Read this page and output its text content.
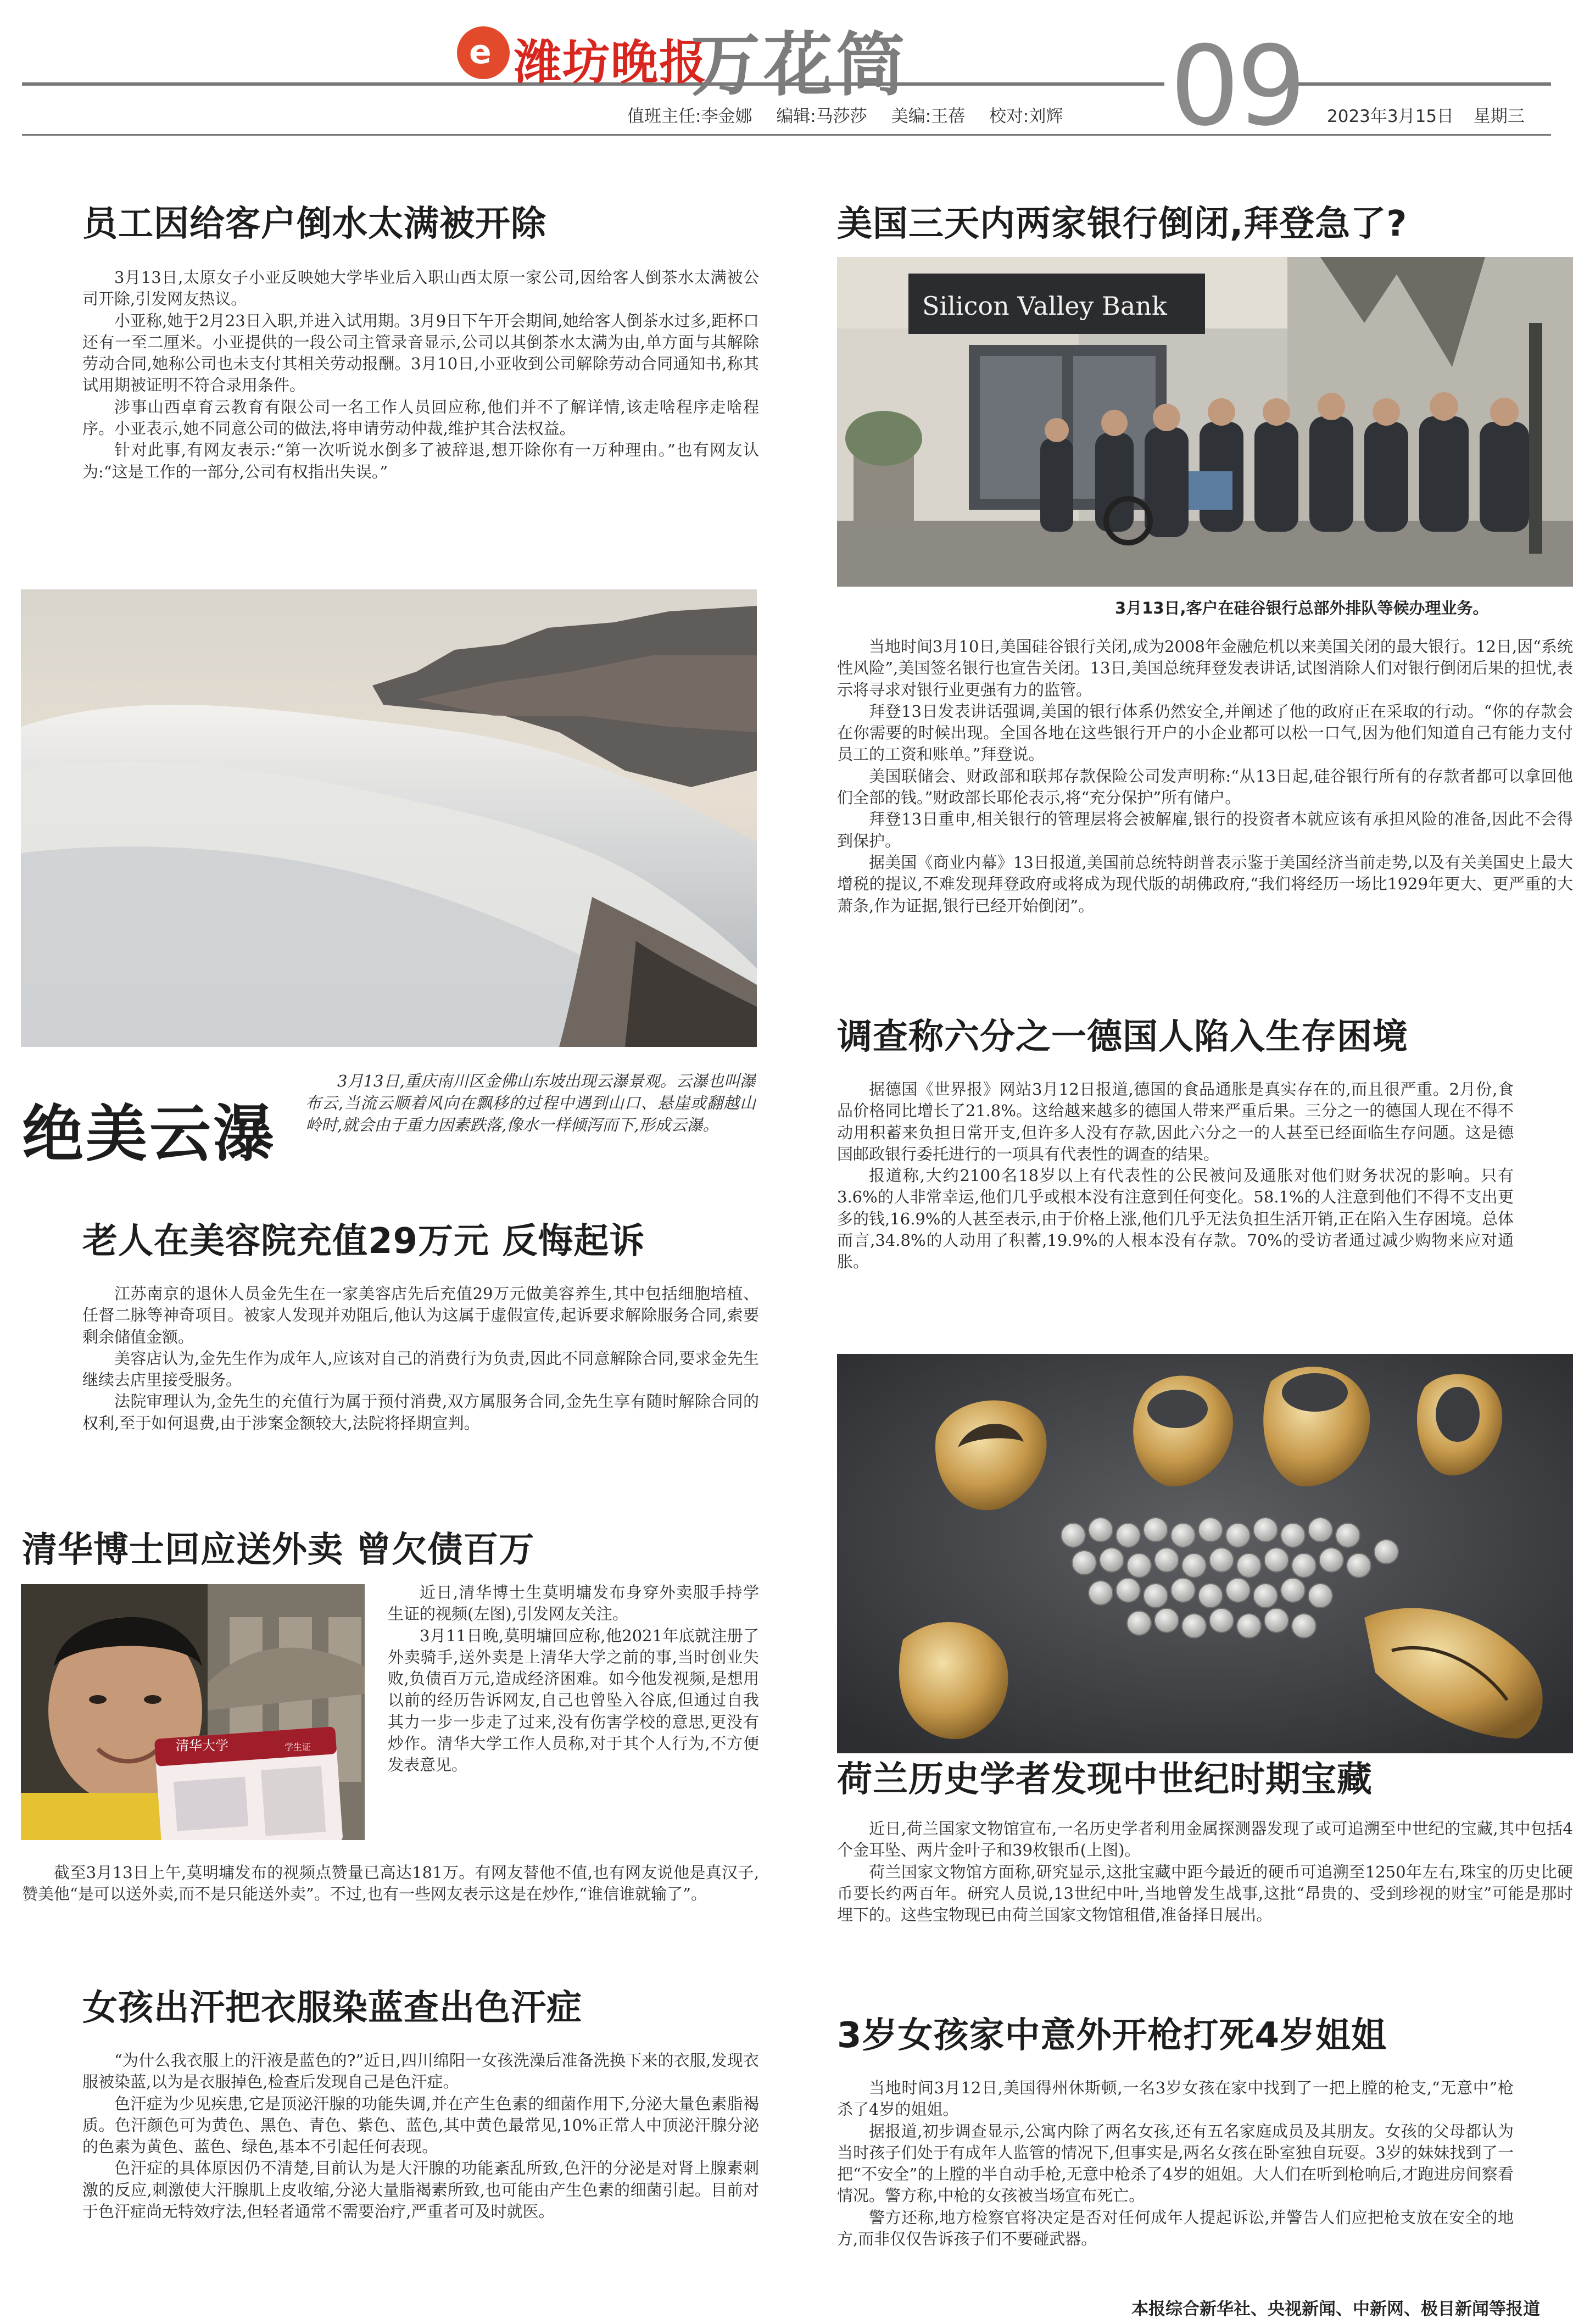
e 潍坊晚报
万花筒 09
值班主任:李金娜 编辑:马莎莎 美编:王蓓 校对:刘辉	2023年3月15日 星期三
员工因给客户倒水太满被开除

3月13日,太原女子小亚反映她大学毕业后入职山西太原一家公司,因给客人倒茶水太满被公司开除,引发网友热议。

小亚称,她于2月23日入职,并进入试用期。3月9日下午开会期间,她给客人倒茶水过多,距杯口还有一至二厘米。小亚提供的一段公司主管录音显示,公司以其倒茶水太满为由,单方面与其解除劳动合同,她称公司也未支付其相关劳动报酬。3月10日,小亚收到公司解除劳动合同通知书,称其试用期被证明不符合录用条件。

涉事山西卓育云教育有限公司一名工作人员回应称,他们并不了解详情,该走啥程序走啥程序。小亚表示,她不同意公司的做法,将申请劳动仲裁,维护其合法权益。

针对此事,有网友表示:“第一次听说水倒多了被辞退,想开除你有一万种理由。”也有网友认为:“这是工作的一部分,公司有权指出失误。”

绝美云瀑

3月13日,重庆南川区金佛山东坡出现云瀑景观。云瀑也叫瀑布云,当流云顺着风向在飘移的过程中遇到山口、悬崖或翻越山岭时,就会由于重力因素跌落,像水一样倾泻而下,形成云瀑。

老人在美容院充值29万元 反悔起诉

江苏南京的退休人员金先生在一家美容店先后充值29万元做美容养生,其中包括细胞培植、任督二脉等神奇项目。被家人发现并劝阻后,他认为这属于虚假宣传,起诉要求解除服务合同,索要剩余储值金额。

美容店认为,金先生作为成年人,应该对自己的消费行为负责,因此不同意解除合同,要求金先生继续去店里接受服务。

法院审理认为,金先生的充值行为属于预付消费,双方属服务合同,金先生享有随时解除合同的权利,至于如何退费,由于涉案金额较大,法院将择期宣判。

清华博士回应送外卖 曾欠债百万
清华大学	学生证

近日,清华博士生莫明墉发布身穿外卖服手持学生证的视频(左图),引发网友关注。

3月11日晚,莫明墉回应称,他2021年底就注册了外卖骑手,送外卖是上清华大学之前的事,当时创业失败,负债百万元,造成经济困难。如今他发视频,是想用以前的经历告诉网友,自己也曾坠入谷底,但通过自我其力一步一步走了过来,没有伤害学校的意思,更没有炒作。清华大学工作人员称,对于其个人行为,不方便发表意见。

截至3月13日上午,莫明墉发布的视频点赞量已高达181万。有网友替他不值,也有网友说他是真汉子,赞美他“是可以送外卖,而不是只能送外卖”。不过,也有一些网友表示这是在炒作,“谁信谁就输了”。

女孩出汗把衣服染蓝查出色汗症

“为什么我衣服上的汗液是蓝色的?”近日,四川绵阳一女孩洗澡后准备洗换下来的衣服,发现衣服被染蓝,以为是衣服掉色,检查后发现自己是色汗症。

色汗症为少见疾患,它是顶泌汗腺的功能失调,并在产生色素的细菌作用下,分泌大量色素脂褐质。色汗颜色可为黄色、黑色、青色、紫色、蓝色,其中黄色最常见,10%正常人中顶泌汗腺分泌的色素为黄色、蓝色、绿色,基本不引起任何表现。

色汗症的具体原因仍不清楚,目前认为是大汗腺的功能紊乱所致,色汗的分泌是对肾上腺素刺激的反应,刺激使大汗腺肌上皮收缩,分泌大量脂褐素所致,也可能由产生色素的细菌引起。目前对于色汗症尚无特效疗法,但轻者通常不需要治疗,严重者可及时就医。

美国三天内两家银行倒闭,拜登急了?
Silicon Valley Bank
3月13日,客户在硅谷银行总部外排队等候办理业务。

当地时间3月10日,美国硅谷银行关闭,成为2008年金融危机以来美国关闭的最大银行。12日,因“系统性风险”,美国签名银行也宣告关闭。13日,美国总统拜登发表讲话,试图消除人们对银行倒闭后果的担忧,表示将寻求对银行业更强有力的监管。

拜登13日发表讲话强调,美国的银行体系仍然安全,并阐述了他的政府正在采取的行动。“你的存款会在你需要的时候出现。全国各地在这些银行开户的小企业都可以松一口气,因为他们知道自己有能力支付员工的工资和账单。”拜登说。

美国联储会、财政部和联邦存款保险公司发声明称:“从13日起,硅谷银行所有的存款者都可以拿回他们全部的钱。”财政部长耶伦表示,将“充分保护”所有储户。

拜登13日重申,相关银行的管理层将会被解雇,银行的投资者本就应该有承担风险的准备,因此不会得到保护。

据美国《商业内幕》13日报道,美国前总统特朗普表示鉴于美国经济当前走势,以及有关美国史上最大增税的提议,不难发现拜登政府或将成为现代版的胡佛政府,“我们将经历一场比1929年更大、更严重的大萧条,作为证据,银行已经开始倒闭”。

调查称六分之一德国人陷入生存困境

据德国《世界报》网站3月12日报道,德国的食品通胀是真实存在的,而且很严重。2月份,食品价格同比增长了21.8%。这给越来越多的德国人带来严重后果。三分之一的德国人现在不得不动用积蓄来负担日常开支,但许多人没有存款,因此六分之一的人甚至已经面临生存问题。这是德国邮政银行委托进行的一项具有代表性的调查的结果。

报道称,大约2100名18岁以上有代表性的公民被问及通胀对他们财务状况的影响。只有3.6%的人非常幸运,他们几乎或根本没有注意到任何变化。58.1%的人注意到他们不得不支出更多的钱,16.9%的人甚至表示,由于价格上涨,他们几乎无法负担生活开销,正在陷入生存困境。总体而言,34.8%的人动用了积蓄,19.9%的人根本没有存款。70%的受访者通过减少购物来应对通胀。

荷兰历史学者发现中世纪时期宝藏

近日,荷兰国家文物馆宣布,一名历史学者利用金属探测器发现了或可追溯至中世纪的宝藏,其中包括4个金耳坠、两片金叶子和39枚银币(上图)。

荷兰国家文物馆方面称,研究显示,这批宝藏中距今最近的硬币可追溯至1250年左右,珠宝的历史比硬币要长约两百年。研究人员说,13世纪中叶,当地曾发生战事,这批“昂贵的、受到珍视的财宝”可能是那时埋下的。这些宝物现已由荷兰国家文物馆租借,准备择日展出。

3岁女孩家中意外开枪打死4岁姐姐

当地时间3月12日,美国得州休斯顿,一名3岁女孩在家中找到了一把上膛的枪支,“无意中”枪杀了4岁的姐姐。

据报道,初步调查显示,公寓内除了两名女孩,还有五名家庭成员及其朋友。女孩的父母都认为当时孩子们处于有成年人监管的情况下,但事实是,两名女孩在卧室独自玩耍。3岁的妹妹找到了一把“不安全”的上膛的半自动手枪,无意中枪杀了4岁的姐姐。大人们在听到枪响后,才跑进房间察看情况。警方称,中枪的女孩被当场宣布死亡。

警方还称,地方检察官将决定是否对任何成年人提起诉讼,并警告人们应把枪支放在安全的地方,而非仅仅告诉孩子们不要碰武器。

本报综合新华社、央视新闻、中新网、极目新闻等报道
